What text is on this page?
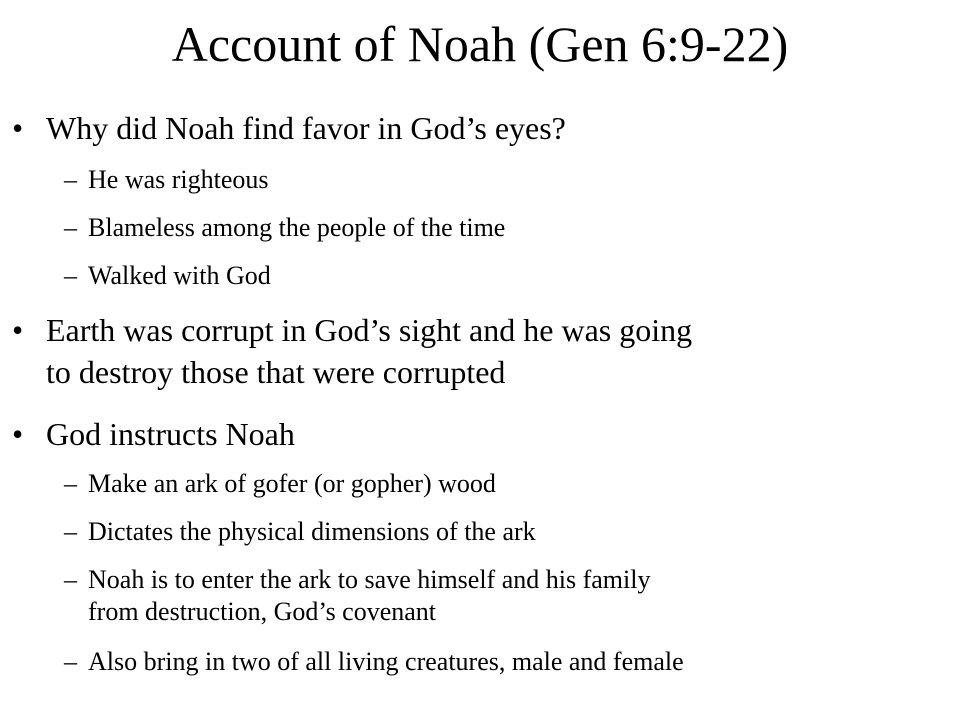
Account of Noah (Gen 6:9-22)
• Why did Noah find favor in God’s eyes?
– He was righteous
– Blameless among the people of the time
– Walked with God
• Earth was corrupt in God’s sight and he was going
to destroy those that were corrupted
• God instructs Noah
– Make an ark of gofer (or gopher) wood
– Dictates the physical dimensions of the ark
– Noah is to enter the ark to save himself and his family
from destruction, God’s covenant
– Also bring in two of all living creatures, male and female
